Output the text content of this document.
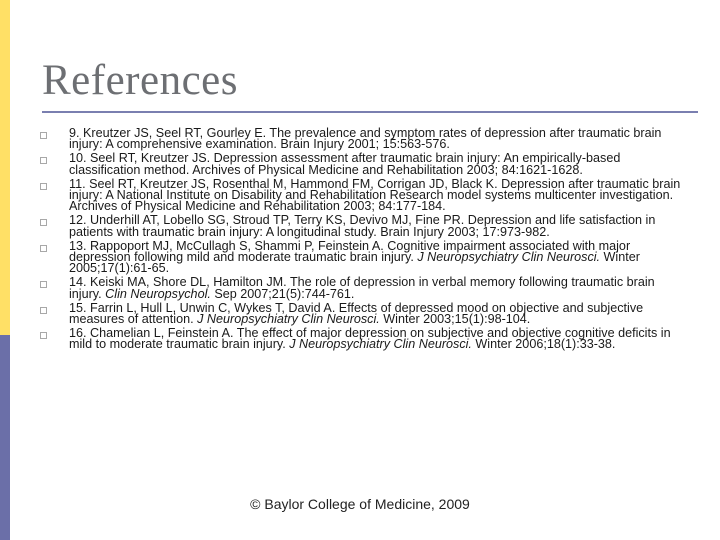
References
9. Kreutzer JS, Seel RT, Gourley E. The prevalence and symptom rates of depression after traumatic brain injury: A comprehensive examination. Brain Injury 2001; 15:563-576.
10. Seel RT, Kreutzer JS. Depression assessment after traumatic brain injury: An empirically-based classification method. Archives of Physical Medicine and Rehabilitation 2003; 84:1621-1628.
11. Seel RT, Kreutzer JS, Rosenthal M, Hammond FM, Corrigan JD, Black K. Depression after traumatic brain injury: A National Institute on Disability and Rehabilitation Research model systems multicenter investigation. Archives of Physical Medicine and Rehabilitation 2003; 84:177-184.
12. Underhill AT, Lobello SG, Stroud TP, Terry KS, Devivo MJ, Fine PR. Depression and life satisfaction in patients with traumatic brain injury: A longitudinal study. Brain Injury 2003; 17:973-982.
13. Rappoport MJ, McCullagh S, Shammi P, Feinstein A. Cognitive impairment associated with major depression following mild and moderate traumatic brain injury. J Neuropsychiatry Clin Neurosci. Winter 2005;17(1):61-65.
14. Keiski MA, Shore DL, Hamilton JM. The role of depression in verbal memory following traumatic brain injury. Clin Neuropsychol. Sep 2007;21(5):744-761.
15. Farrin L, Hull L, Unwin C, Wykes T, David A. Effects of depressed mood on objective and subjective measures of attention. J Neuropsychiatry Clin Neurosci. Winter 2003;15(1):98-104.
16. Chamelian L, Feinstein A. The effect of major depression on subjective and objective cognitive deficits in mild to moderate traumatic brain injury. J Neuropsychiatry Clin Neurosci. Winter 2006;18(1):33-38.
© Baylor College of Medicine, 2009
